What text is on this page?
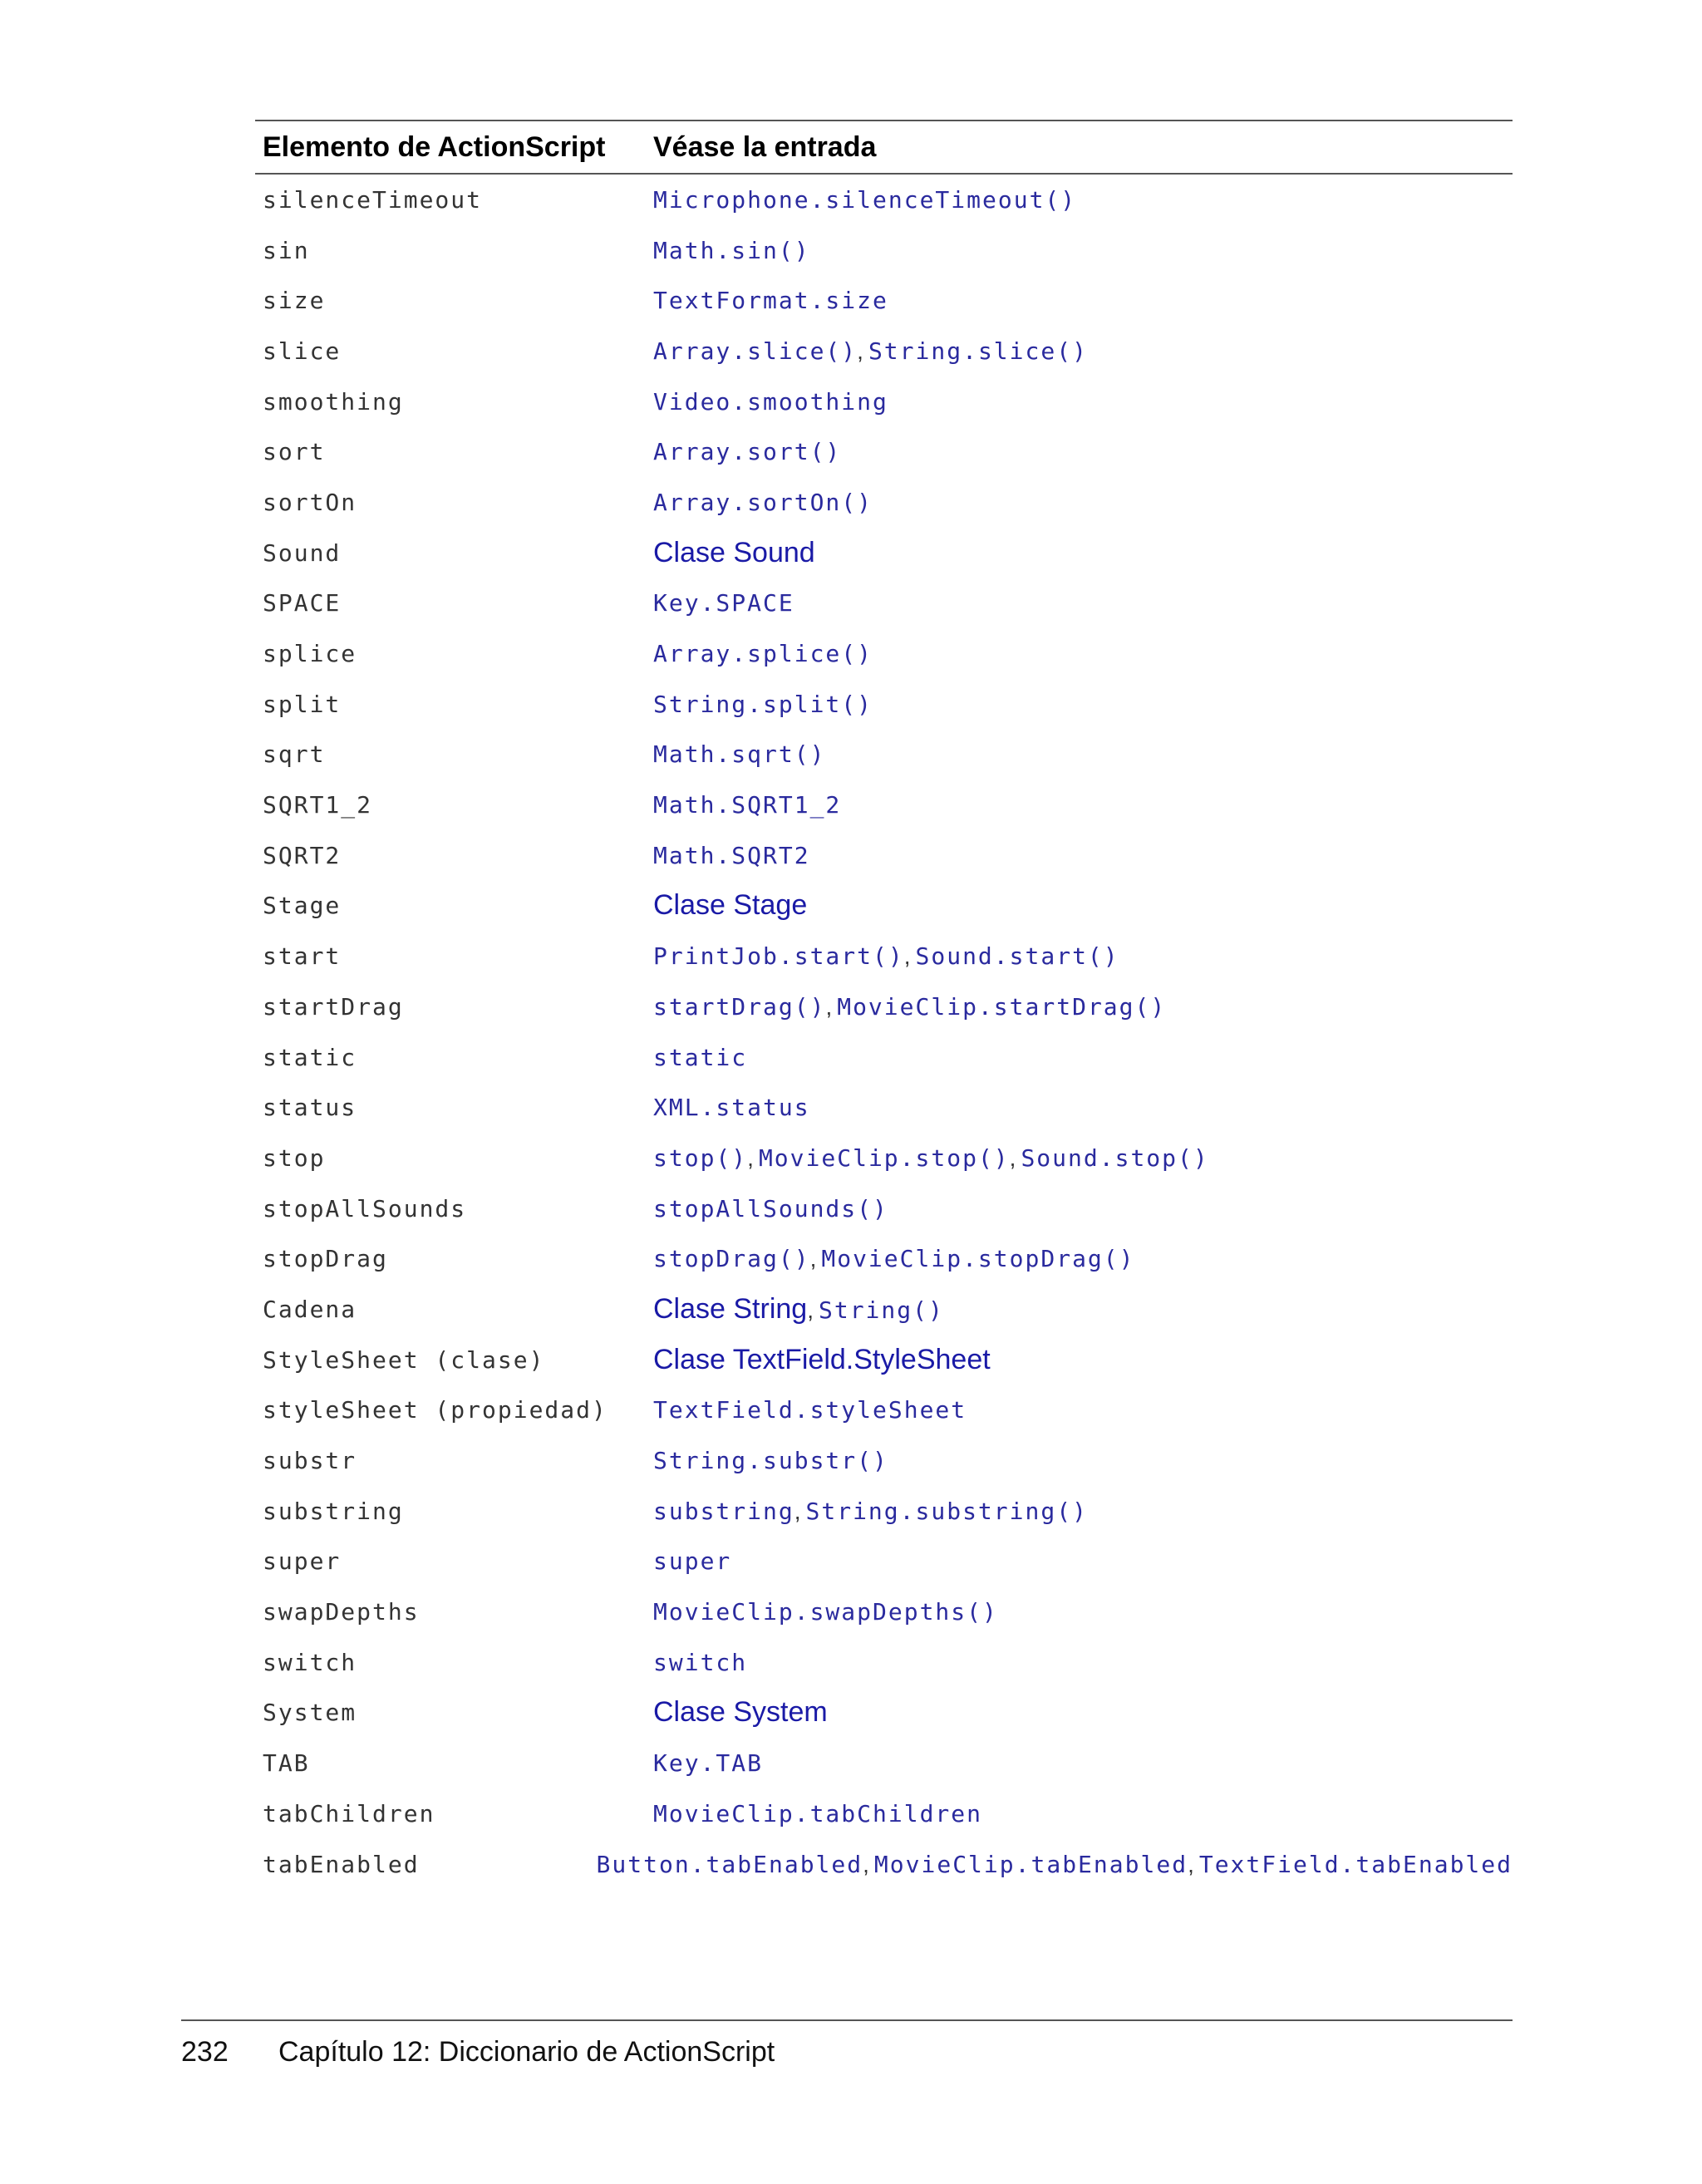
Elemento de ActionScript	Véase la entrada
silenceTimeout	Microphone.silenceTimeout()
sin	Math.sin()
size	TextFormat.size
slice	Array.slice(), String.slice()
smoothing	Video.smoothing
sort	Array.sort()
sortOn	Array.sortOn()
Sound	Clase Sound
SPACE	Key.SPACE
splice	Array.splice()
split	String.split()
sqrt	Math.sqrt()
SQRT1_2	Math.SQRT1_2
SQRT2	Math.SQRT2
Stage	Clase Stage
start	PrintJob.start(), Sound.start()
startDrag	startDrag(), MovieClip.startDrag()
static	static
status	XML.status
stop	stop(), MovieClip.stop(), Sound.stop()
stopAllSounds	stopAllSounds()
stopDrag	stopDrag(), MovieClip.stopDrag()
Cadena	Clase String, String()
StyleSheet (clase)	Clase TextField.StyleSheet
styleSheet (propiedad)	TextField.styleSheet
substr	String.substr()
substring	substring, String.substring()
super	super
swapDepths	MovieClip.swapDepths()
switch	switch
System	Clase System
TAB	Key.TAB
tabChildren	MovieClip.tabChildren
tabEnabled	Button.tabEnabled, MovieClip.tabEnabled, TextField.tabEnabled
232 Capítulo 12: Diccionario de ActionScript
